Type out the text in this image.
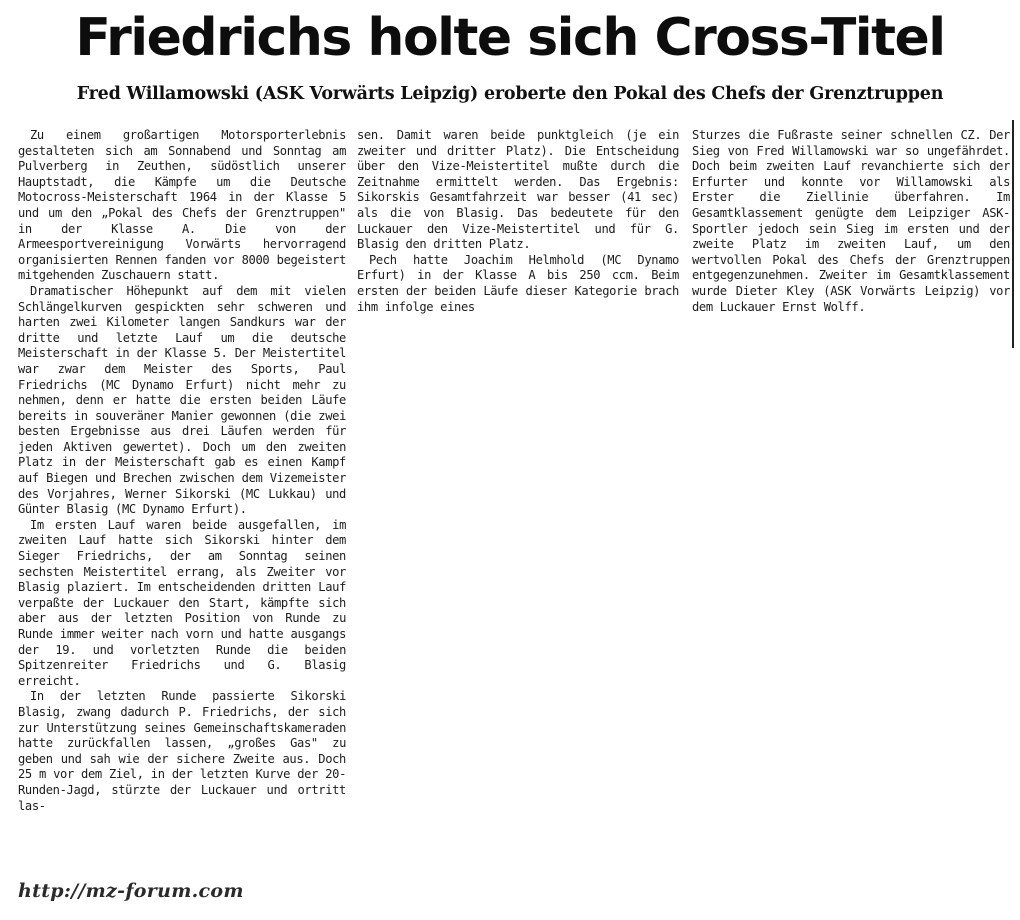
Friedrichs holte sich Cross-Titel
Fred Willamowski (ASK Vorwärts Leipzig) eroberte den Pokal des Chefs der Grenztruppen

Zu einem großartigen Motorsporterlebnis gestalteten sich am Sonnabend und Sonntag am Pulverberg in Zeuthen, südöstlich unserer Hauptstadt, die Kämpfe um die Deutsche Motocross-Meisterschaft 1964 in der Klasse 5 und um den „Pokal des Chefs der Grenztruppen" in der Klasse A. Die von der Armeesportvereinigung Vorwärts hervorragend organisierten Rennen fanden vor 8000 begeistert mitgehenden Zuschauern statt.

Dramatischer Höhepunkt auf dem mit vielen Schlängelkurven gespickten sehr schweren und harten zwei Kilometer langen Sandkurs war der dritte und letzte Lauf um die deutsche Meisterschaft in der Klasse 5. Der Meistertitel war zwar dem Meister des Sports, Paul Friedrichs (MC Dynamo Erfurt) nicht mehr zu nehmen, denn er hatte die ersten beiden Läufe bereits in souveräner Manier gewonnen (die zwei besten Ergebnisse aus drei Läufen werden für jeden Aktiven gewertet). Doch um den zweiten Platz in der Meisterschaft gab es einen Kampf auf Biegen und Brechen zwischen dem Vizemeister des Vorjahres, Werner Sikorski (MC Lukkau) und Günter Blasig (MC Dynamo Erfurt).

Im ersten Lauf waren beide ausgefallen, im zweiten Lauf hatte sich Sikorski hinter dem Sieger Friedrichs, der am Sonntag seinen sechsten Meistertitel errang, als Zweiter vor Blasig plaziert. Im entscheidenden dritten Lauf verpaßte der Luckauer den Start, kämpfte sich aber aus der letzten Position von Runde zu Runde immer weiter nach vorn und hatte ausgangs der 19. und vorletzten Runde die beiden Spitzenreiter Friedrichs und G. Blasig erreicht.

In der letzten Runde passierte Sikorski Blasig, zwang dadurch P. Friedrichs, der sich zur Unterstützung seines Gemeinschaftskameraden hatte zurückfallen lassen, „großes Gas" zu geben und sah wie der sichere Zweite aus. Doch 25 m vor dem Ziel, in der letzten Kurve der 20-Runden-Jagd, stürzte der Luckauer und ortritt las-

sen. Damit waren beide punktgleich (je ein zweiter und dritter Platz). Die Entscheidung über den Vize-Meistertitel mußte durch die Zeitnahme ermittelt werden. Das Ergebnis: Sikorskis Gesamtfahrzeit war besser (41 sec) als die von Blasig. Das bedeutete für den Luckauer den Vize-Meistertitel und für G. Blasig den dritten Platz.

Pech hatte Joachim Helmhold (MC Dynamo Erfurt) in der Klasse A bis 250 ccm. Beim ersten der beiden Läufe dieser Kategorie brach ihm infolge eines

Sturzes die Fußraste seiner schnellen CZ. Der Sieg von Fred Willamowski war so ungefährdet. Doch beim zweiten Lauf revanchierte sich der Erfurter und konnte vor Willamowski als Erster die Ziellinie überfahren. Im Gesamtklassement genügte dem Leipziger ASK-Sportler jedoch sein Sieg im ersten und der zweite Platz im zweiten Lauf, um den wertvollen Pokal des Chefs der Grenztruppen entgegenzunehmen. Zweiter im Gesamtklassement wurde Dieter Kley (ASK Vorwärts Leipzig) vor dem Luckauer Ernst Wolff.

http://mz-forum.com
